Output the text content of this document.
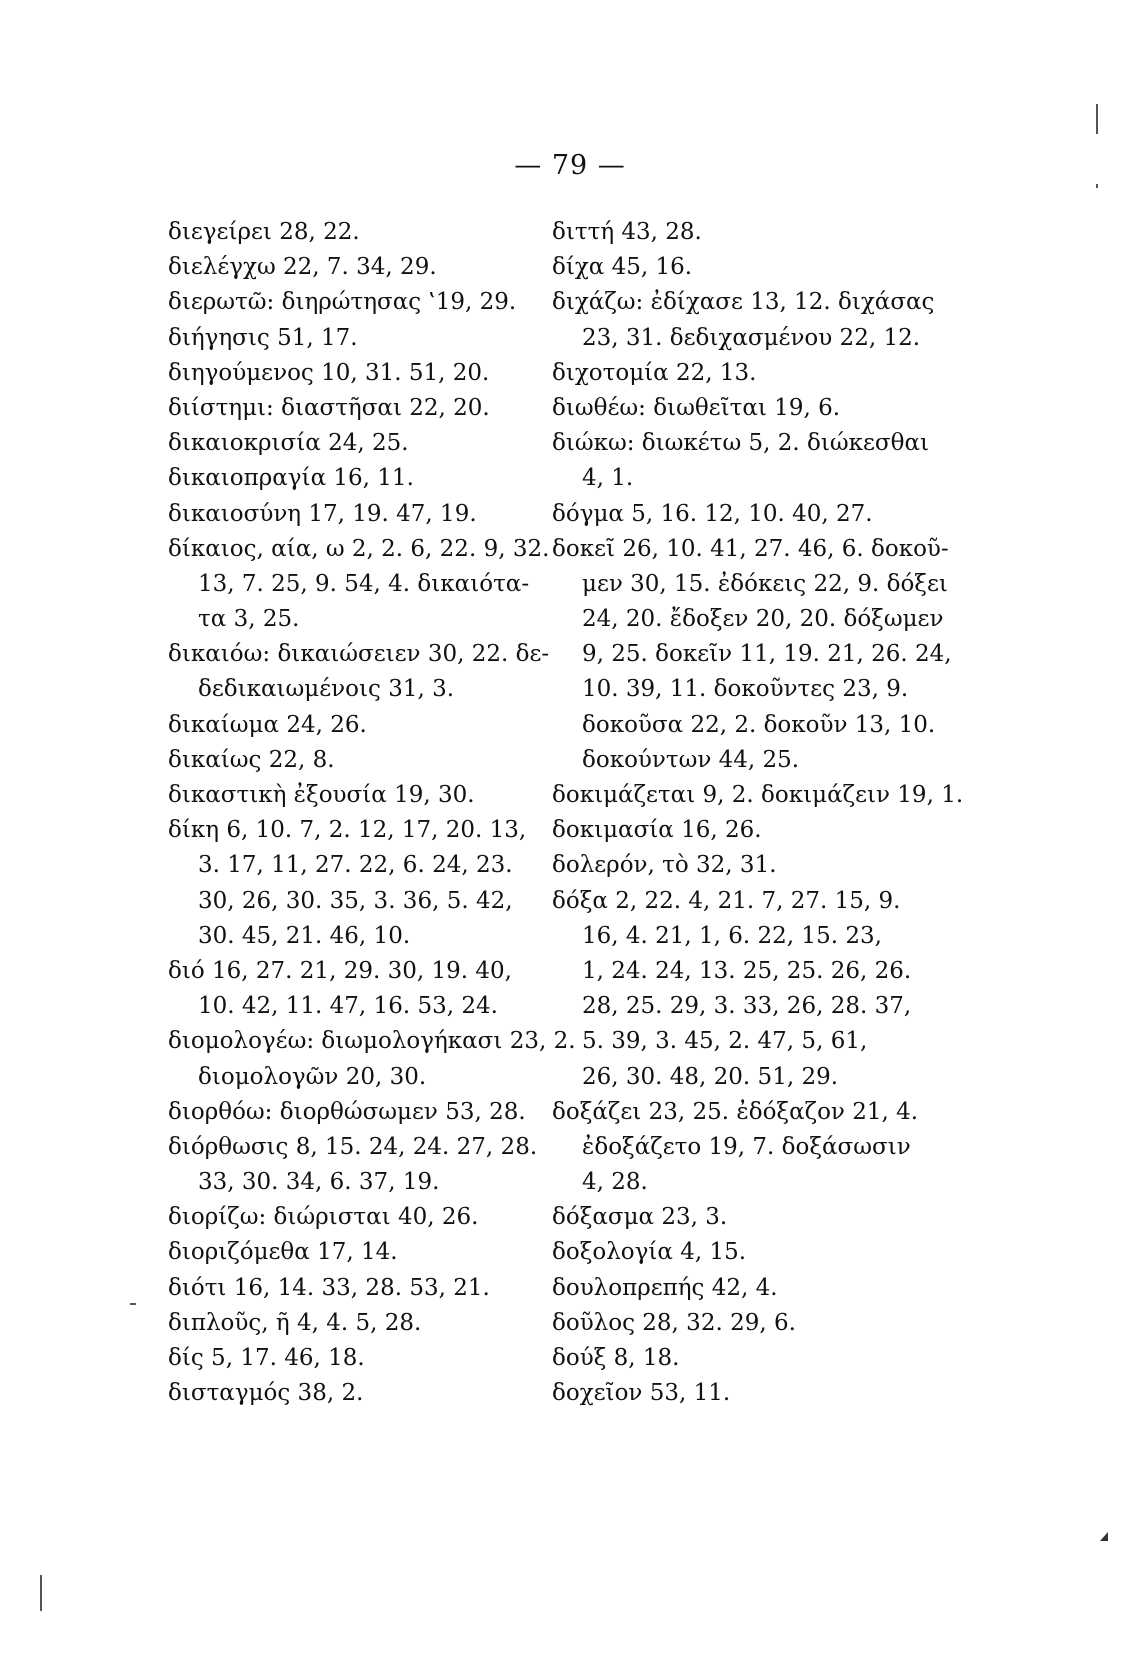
— 79 —
διεγείρει 28, 22.
διελέγχω 22, 7. 34, 29.
διερωτῶ: διηρώτησας ‛19, 29.
διήγησις 51, 17.
διηγούμενος 10, 31. 51, 20.
διίστημι: διαστῆσαι 22, 20.
δικαιοκρισία 24, 25.
δικαιοπραγία 16, 11.
δικαιοσύνη 17, 19. 47, 19.
δίκαιος, αία, ω 2, 2. 6, 22. 9, 32.
13, 7. 25, 9. 54, 4. δικαιότα-
τα 3, 25.
δικαιόω: δικαιώσειεν 30, 22. δε-
δεδικαιωμένοις 31, 3.
δικαίωμα 24, 26.
δικαίως 22, 8.
δικαστικὴ ἐξουσία 19, 30.
δίκη 6, 10. 7, 2. 12, 17, 20. 13,
3. 17, 11, 27. 22, 6. 24, 23.
30, 26, 30. 35, 3. 36, 5. 42,
30. 45, 21. 46, 10.
διό 16, 27. 21, 29. 30, 19. 40,
10. 42, 11. 47, 16. 53, 24.
διομολογέω: διωμολογήκασι 23, 2.
διομολογῶν 20, 30.
διορθόω: διορθώσωμεν 53, 28.
διόρθωσις 8, 15. 24, 24. 27, 28.
33, 30. 34, 6. 37, 19.
διορίζω: διώρισται 40, 26.
διοριζόμεθα 17, 14.
διότι 16, 14. 33, 28. 53, 21.
διπλοῦς, ῆ 4, 4. 5, 28.
δίς 5, 17. 46, 18.
δισταγμός 38, 2.
διττή 43, 28.
δίχα 45, 16.
διχάζω: ἐδίχασε 13, 12. διχάσας
23, 31. δεδιχασμένου 22, 12.
διχοτομία 22, 13.
διωθέω: διωθεῖται 19, 6.
διώκω: διωκέτω 5, 2. διώκεσθαι
4, 1.
δόγμα 5, 16. 12, 10. 40, 27.
δοκεῖ 26, 10. 41, 27. 46, 6. δοκοῦ-
μεν 30, 15. ἐδόκεις 22, 9. δόξει
24, 20. ἔδοξεν 20, 20. δόξωμεν
9, 25. δοκεῖν 11, 19. 21, 26. 24,
10. 39, 11. δοκοῦντες 23, 9.
δοκοῦσα 22, 2. δοκοῦν 13, 10.
δοκούντων 44, 25.
δοκιμάζεται 9, 2. δοκιμάζειν 19, 1.
δοκιμασία 16, 26.
δολερόν, τὸ 32, 31.
δόξα 2, 22. 4, 21. 7, 27. 15, 9.
16, 4. 21, 1, 6. 22, 15. 23,
1, 24. 24, 13. 25, 25. 26, 26.
28, 25. 29, 3. 33, 26, 28. 37,
5. 39, 3. 45, 2. 47, 5, 61,
26, 30. 48, 20. 51, 29.
δοξάζει 23, 25. ἐδόξαζον 21, 4.
ἐδοξάζετο 19, 7. δοξάσωσιν
4, 28.
δόξασμα 23, 3.
δοξολογία 4, 15.
δουλοπρεπής 42, 4.
δοῦλος 28, 32. 29, 6.
δούξ 8, 18.
δοχεῖον 53, 11.
